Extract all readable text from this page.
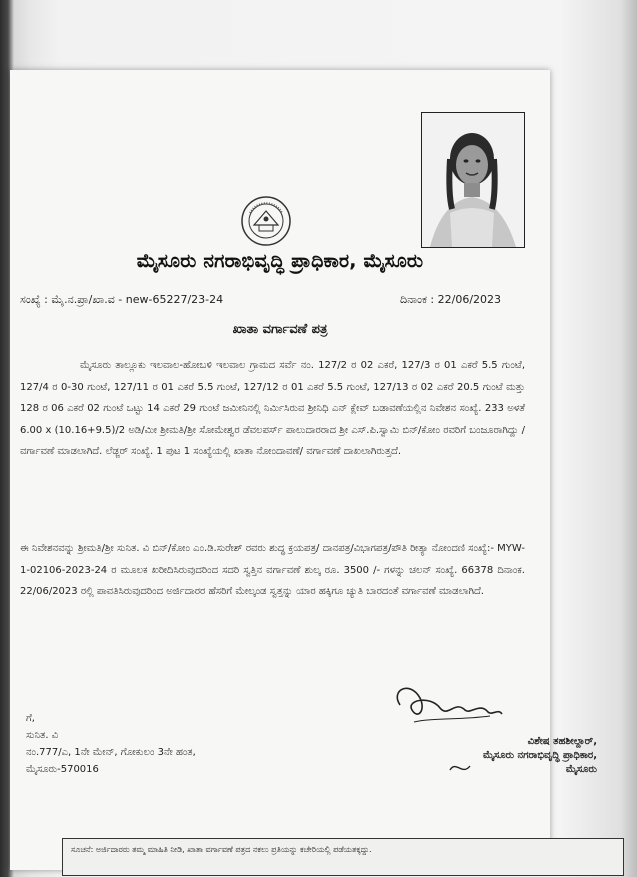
ಮೈಸೂರು ನಗರಾಭಿವೃದ್ಧಿ ಪ್ರಾಧಿಕಾರ, ಮೈಸೂರು
ಸಂಖ್ಯೆ : ಮೈ.ನ.ಪ್ರಾ/ಖಾ.ವ - new-65227/23-24	ದಿನಾಂಕ : 22/06/2023
ಖಾತಾ ವರ್ಗಾವಣೆ ಪತ್ರ
ಮೈಸೂರು ತಾಲ್ಲೂಕು ಇಲವಾಲ-ಹೋಬಳಿ ಇಲವಾಲ ಗ್ರಾಮದ ಸರ್ವೆ ನಂ. 127/2 ರ 02 ಎಕರೆ, 127/3 ರ 01 ಎಕರೆ 5.5 ಗುಂಟೆ, 127/4 ರ 0-30 ಗುಂಟೆ, 127/11 ರ 01 ಎಕರೆ 5.5 ಗುಂಟೆ, 127/12 ರ 01 ಎಕರೆ 5.5 ಗುಂಟೆ, 127/13 ರ 02 ಎಕರೆ 20.5 ಗುಂಟೆ ಮತ್ತು 128 ರ 06 ಎಕರೆ 02 ಗುಂಟೆ ಒಟ್ಟು 14 ಎಕರೆ 29 ಗುಂಟೆ ಜಮೀನಿನಲ್ಲಿ ನಿರ್ಮಿಸಿರುವ ಶ್ರೀನಿಧಿ ಎನ್ ಕ್ಲೇವ್ ಬಡಾವಣೆಯಲ್ಲಿನ ನಿವೇಶನ ಸಂಖ್ಯೆ. 233 ಅಳತೆ 6.00 x (10.16+9.5)/2 ಅಡಿ/ಮೀ ಶ್ರೀಮತಿ/ಶ್ರೀ ಸೋಮೇಶ್ವರ ಡೆವಲಪರ್ಸ್ ಪಾಲುದಾರರಾದ ಶ್ರೀ ಎಸ್.ಪಿ.ಸ್ವಾಮಿ ಬಿನ್/ಕೋಂ ರವರಿಗೆ ಬಂಜೂರಾಗಿದ್ದು / ವರ್ಗಾವಣೆ ಮಾಡಲಾಗಿದೆ. ಲೆಡ್ಜರ್ ಸಂಖ್ಯೆ. 1 ಪುಟ 1 ಸಂಖ್ಯೆಯಲ್ಲಿ ಖಾತಾ ನೋಂದಾವಣೆ/ ವರ್ಗಾವಣೆ ದಾಖಲಾಗಿರುತ್ತದೆ.
ಈ ನಿವೇಶನವನ್ನು ಶ್ರೀಮತಿ/ಶ್ರೀ ಸುನಿತ. ವಿ ಬಿನ್/ಕೋಂ ಎಂ.ಡಿ.ಸುರೇಶ್ ರವರು ಶುದ್ಧ ಕ್ರಯಪತ್ರ/ ದಾನಪತ್ರ/ವಿಭಾಗಪತ್ರ/ಪೌತಿ ರೀತ್ಯಾ ನೋಂದಣಿ ಸಂಖ್ಯೆ:- MYW-1-02106-2023-24 ರ ಮೂಲಕ ಖರೀದಿಸಿರುವುದರಿಂದ ಸದರಿ ಸ್ವತ್ತಿನ ವರ್ಗಾವಣೆ ಶುಲ್ಕ ರೂ. 3500 /- ಗಳನ್ನು ಚಲನ್ ಸಂಖ್ಯೆ. 66378 ದಿನಾಂಕ. 22/06/2023 ರಲ್ಲಿ ಪಾವತಿಸಿರುವುದರಿಂದ ಅರ್ಜಿದಾರರ ಹೆಸರಿಗೆ ಮೇಲ್ಕಂಡ ಸ್ವತ್ತನ್ನು ಯಾರ ಹಕ್ಕಿಗೂ ಚ್ಯುತಿ ಬಾರದಂತೆ ವರ್ಗಾವಣೆ ಮಾಡಲಾಗಿದೆ.
ಗೆ,
ಸುನಿತ. ವಿ
ನಂ.777/ಎ, 1ನೇ ಮೇನ್, ಗೋಕುಲಂ 3ನೇ ಹಂತ,
ಮೈಸೂರು-570016
ವಿಶೇಷ ತಹಶೀಲ್ದಾರ್,
ಮೈಸೂರು ನಗರಾಭಿವೃದ್ಧಿ ಪ್ರಾಧಿಕಾರ,
ಮೈಸೂರು
ಸೂಚನೆ: ಅರ್ಜಿದಾರರು ತಮ್ಮ ಮಾಹಿತಿ ನೀಡಿ, ಖಾತಾ ವರ್ಗಾವಣೆ ಪತ್ರದ ನಕಲು ಪ್ರತಿಯನ್ನು ಕಚೇರಿಯಲ್ಲಿ ಪಡೆಯತಕ್ಕದ್ದು.
